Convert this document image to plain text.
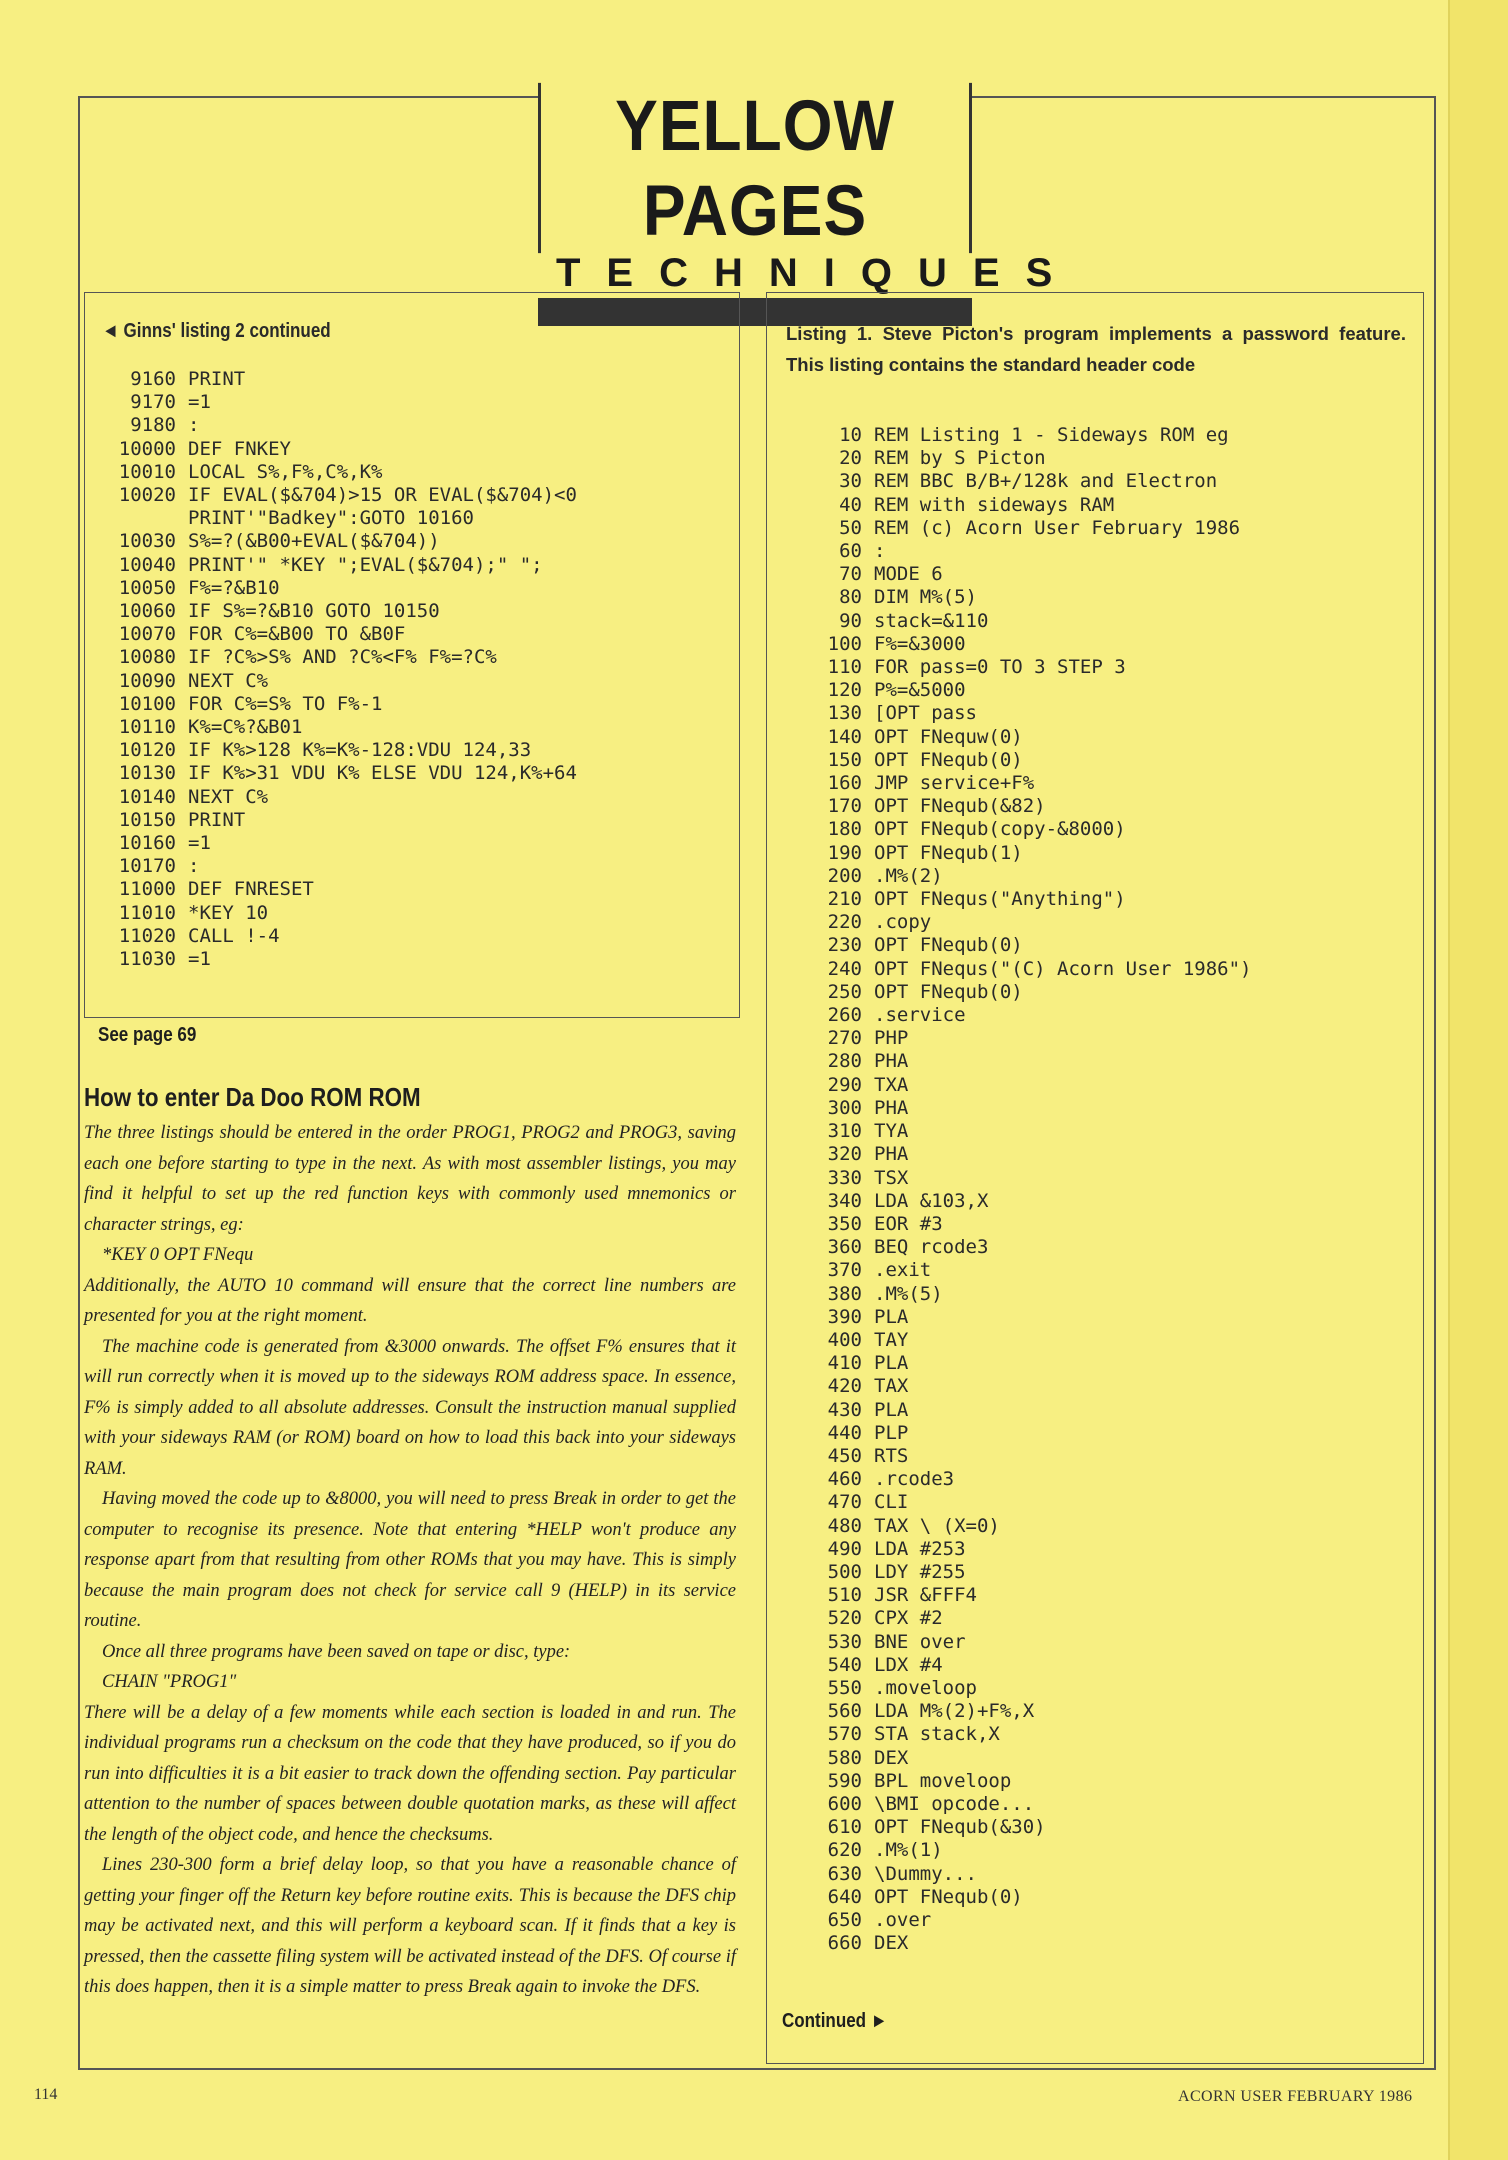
YELLOW PAGES
TECHNIQUES
◄ Ginns' listing 2 continued
9160 PRINT
9170 =1
9180 :
10000 DEF FNKEY
10010 LOCAL S%,F%,C%,K%
10020 IF EVAL($&704)>15 OR EVAL($&704)<0
PRINT'"Badkey":GOTO 10160
10030 S%=?(&B00+EVAL($&704))
10040 PRINT'" *KEY ";EVAL($&704);" ";
10050 F%=?&B10
10060 IF S%=?&B10 GOTO 10150
10070 FOR C%=&B00 TO &B0F
10080 IF ?C%>S% AND ?C%<F% F%=?C%
10090 NEXT C%
10100 FOR C%=S% TO F%-1
10110 K%=C%?&B01
10120 IF K%>128 K%=K%-128:VDU 124,33
10130 IF K%>31 VDU K% ELSE VDU 124,K%+64
10140 NEXT C%
10150 PRINT
10160 =1
10170 :
11000 DEF FNRESET
11010 *KEY 10
11020 CALL !-4
11030 =1
See page 69
How to enter Da Doo ROM ROM

The three listings should be entered in the order PROG1, PROG2 and PROG3, saving each one before starting to type in the next. As with most assembler listings, you may find it helpful to set up the red function keys with commonly used mnemonics or character strings, eg:

*KEY 0 OPT FNequ

Additionally, the AUTO 10 command will ensure that the correct line numbers are presented for you at the right moment.

The machine code is generated from &3000 onwards. The offset F% ensures that it will run correctly when it is moved up to the sideways ROM address space. In essence, F% is simply added to all absolute addresses. Consult the instruction manual supplied with your sideways RAM (or ROM) board on how to load this back into your sideways RAM.

Having moved the code up to &8000, you will need to press Break in order to get the computer to recognise its presence. Note that entering *HELP won't produce any response apart from that resulting from other ROMs that you may have. This is simply because the main program does not check for service call 9 (HELP) in its service routine.

Once all three programs have been saved on tape or disc, type:

CHAIN "PROG1"

There will be a delay of a few moments while each section is loaded in and run. The individual programs run a checksum on the code that they have produced, so if you do run into difficulties it is a bit easier to track down the offending section. Pay particular attention to the number of spaces between double quotation marks, as these will affect the length of the object code, and hence the checksums.

Lines 230-300 form a brief delay loop, so that you have a reasonable chance of getting your finger off the Return key before routine exits. This is because the DFS chip may be activated next, and this will perform a keyboard scan. If it finds that a key is pressed, then the cassette filing system will be activated instead of the DFS. Of course if this does happen, then it is a simple matter to press Break again to invoke the DFS.

Listing 1. Steve Picton's program implements a password feature. This listing contains the standard header code
10 REM Listing 1 - Sideways ROM eg
20 REM by S Picton
30 REM BBC B/B+/128k and Electron
40 REM with sideways RAM
50 REM (c) Acorn User February 1986
60 :
70 MODE 6
80 DIM M%(5)
90 stack=&110
100 F%=&3000
110 FOR pass=0 TO 3 STEP 3
120 P%=&5000
130 [OPT pass
140 OPT FNequw(0)
150 OPT FNequb(0)
160 JMP service+F%
170 OPT FNequb(&82)
180 OPT FNequb(copy-&8000)
190 OPT FNequb(1)
200 .M%(2)
210 OPT FNequs("Anything")
220 .copy
230 OPT FNequb(0)
240 OPT FNequs("(C) Acorn User 1986")
250 OPT FNequb(0)
260 .service
270 PHP
280 PHA
290 TXA
300 PHA
310 TYA
320 PHA
330 TSX
340 LDA &103,X
350 EOR #3
360 BEQ rcode3
370 .exit
380 .M%(5)
390 PLA
400 TAY
410 PLA
420 TAX
430 PLA
440 PLP
450 RTS
460 .rcode3
470 CLI
480 TAX \ (X=0)
490 LDA #253
500 LDY #255
510 JSR &FFF4
520 CPX #2
530 BNE over
540 LDX #4
550 .moveloop
560 LDA M%(2)+F%,X
570 STA stack,X
580 DEX
590 BPL moveloop
600 \BMI opcode...
610 OPT FNequb(&30)
620 .M%(1)
630 \Dummy...
640 OPT FNequb(0)
650 .over
660 DEX
Continued ►
114	ACORN USER FEBRUARY 1986
